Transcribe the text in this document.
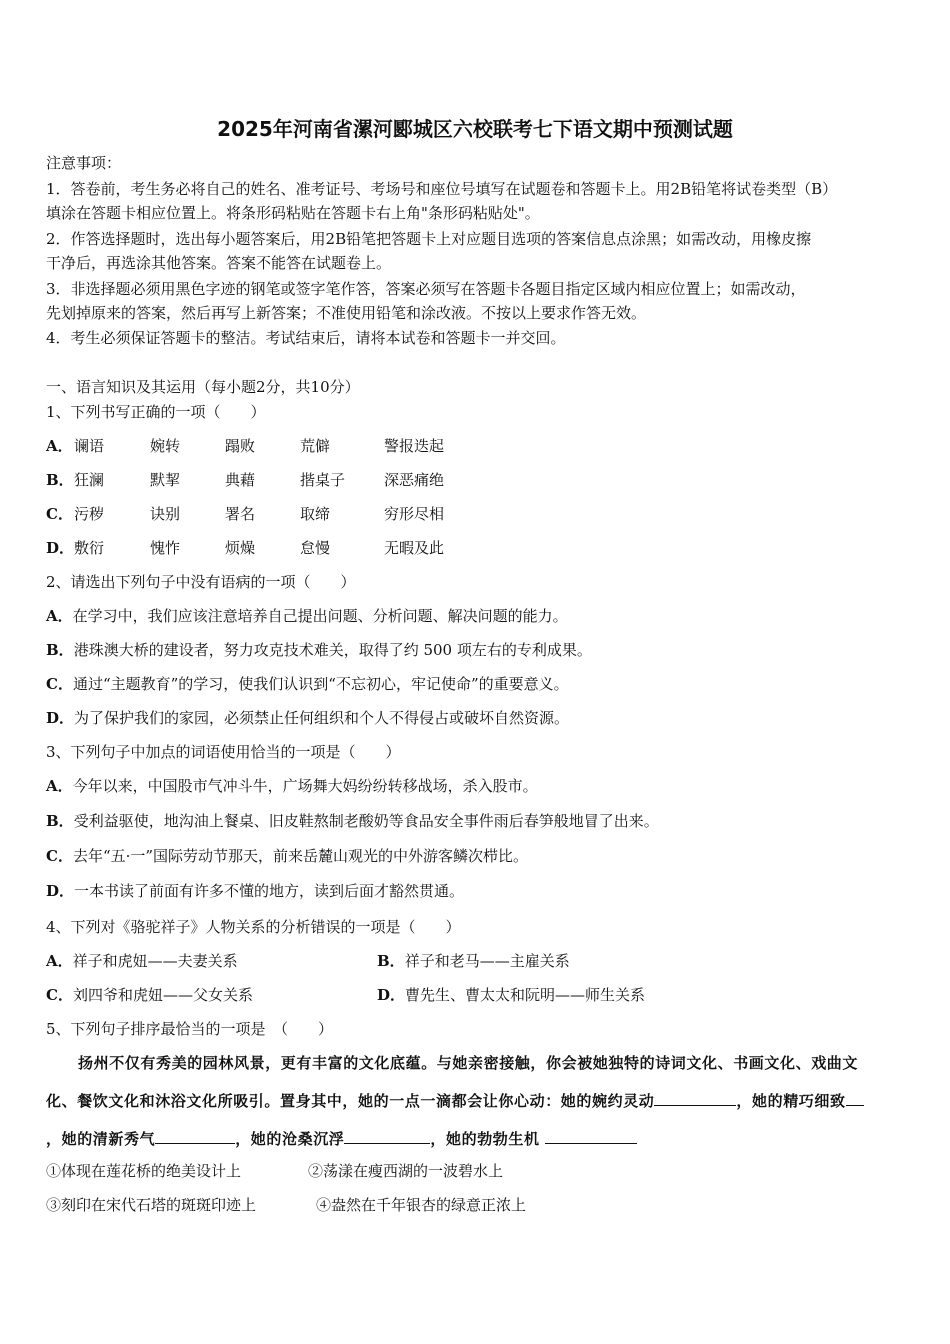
2025年河南省漯河郾城区六校联考七下语文期中预测试题
注意事项：
1．答卷前，考生务必将自己的姓名、准考证号、考场号和座位号填写在试题卷和答题卡上。用2B铅笔将试卷类型（B）
填涂在答题卡相应位置上。将条形码粘贴在答题卡右上角"条形码粘贴处"。
2．作答选择题时，选出每小题答案后，用2B铅笔把答题卡上对应题目选项的答案信息点涂黑；如需改动，用橡皮擦
干净后，再选涂其他答案。答案不能答在试题卷上。
3．非选择题必须用黑色字迹的钢笔或签字笔作答，答案必须写在答题卡各题目指定区域内相应位置上；如需改动，
先划掉原来的答案，然后再写上新答案；不准使用铅笔和涂改液。不按以上要求作答无效。
4．考生必须保证答题卡的整洁。考试结束后，请将本试卷和答题卡一并交回。
一、语言知识及其运用（每小题2分，共10分）
1、下列书写正确的一项（　　）
A． 谰语	婉转	蹋败	荒僻	警报迭起
B． 狂澜	默挈	典藉	揩桌子	深恶痛绝
C． 污秽	诀别	署名	取缔	穷形尽相
D． 敷衍	愧怍	烦燥	怠慢	无暇及此
2、请选出下列句子中没有语病的一项（　　）
A．在学习中，我们应该注意培养自己提出问题、分析问题、解决问题的能力。
B．港珠澳大桥的建设者，努力攻克技术难关，取得了约 500 项左右的专利成果。
C．通过“主题教育”的学习，使我们认识到“不忘初心，牢记使命”的重要意义。
D．为了保护我们的家园，必须禁止任何组织和个人不得侵占或破坏自然资源。
3、下列句子中加点的词语使用恰当的一项是（　　）
A．今年以来，中国股市气冲斗牛，广场舞大妈纷纷转移战场，杀入股市。
B．受利益驱使，地沟油上餐桌、旧皮鞋熬制老酸奶等食品安全事件雨后春笋般地冒了出来。
C．去年“五·一”国际劳动节那天，前来岳麓山观光的中外游客鳞次栉比。
D．一本书读了前面有许多不懂的地方，读到后面才豁然贯通。
4、下列对《骆驼祥子》人物关系的分析错误的一项是（　　）
A．祥子和虎妞——夫妻关系	B．祥子和老马——主雇关系
C．刘四爷和虎妞——父女关系	D．曹先生、曹太太和阮明——师生关系
5、下列句子排序最恰当的一项是　（　　）
扬州不仅有秀美的园林风景，更有丰富的文化底蕴。与她亲密接触，你会被她独特的诗词文化、书画文化、戏曲文
化、餐饮文化和沐浴文化所吸引。置身其中，她的一点一滴都会让你心动：她的婉约灵动	，她的精巧细致
，她的清新秀气	，她的沧桑沉浮	，她的勃勃生机
①体现在莲花桥的绝美设计上	②荡漾在瘦西湖的一波碧水上
③刻印在宋代石塔的斑斑印迹上	④盎然在千年银杏的绿意正浓上
